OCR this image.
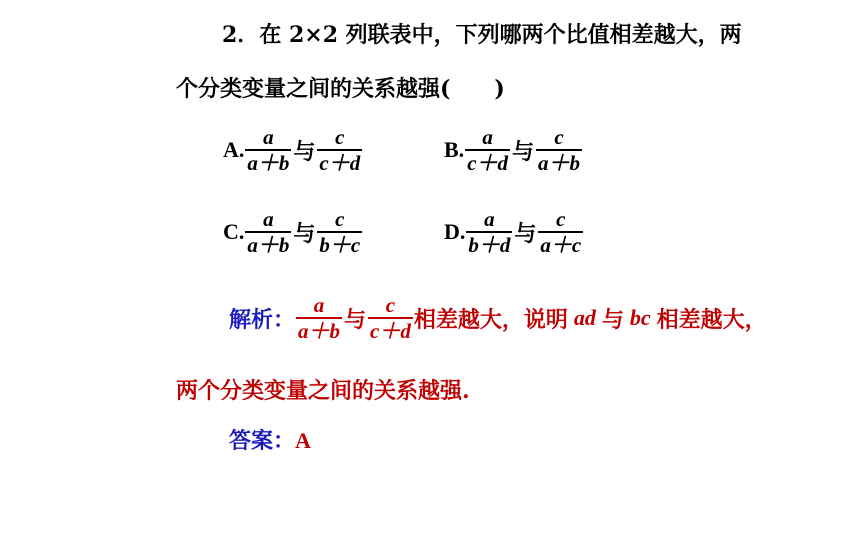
2．在 2×2 列联表中，下列哪两个比值相差越大，两
个分类变量之间的关系越强(　　)
A. $\frac{a}{a+b}$ 与 $\frac{c}{c+d}$	B. $\frac{a}{c+d}$ 与 $\frac{c}{a+b}$
C. $\frac{a}{a+b}$ 与 $\frac{c}{b+c}$	D. $\frac{a}{b+d}$ 与 $\frac{c}{a+c}$
解析： $\frac{a}{a+b}$ 与 $\frac{c}{c+d}$ 相差越大，说明 ad 与 bc 相差越大，
两个分类变量之间的关系越强.
答案：A
